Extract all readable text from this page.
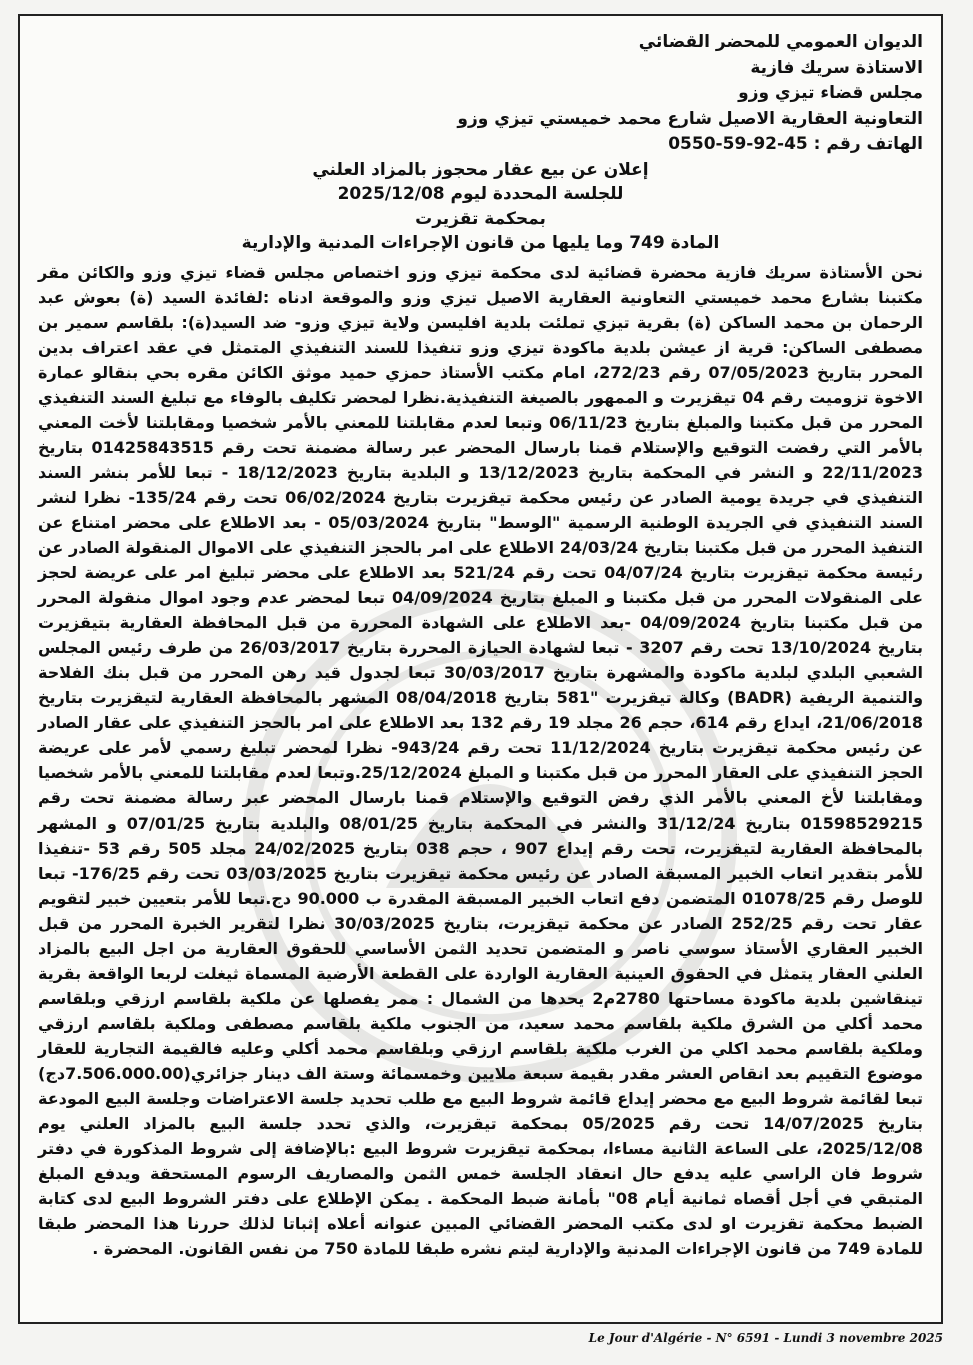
الديوان العمومي للمحضر القضائي

الاستاذة سريك فازية

مجلس قضاء تيزي وزو

التعاونية العقارية الاصيل شارع محمد خميستي تيزي وزو

الهاتف رقم : 45-92-59-0550

إعلان عن بيع عقار محجوز بالمزاد العلني

للجلسة المحددة ليوم 2025/12/08

بمحكمة تقزيرت

المادة 749 وما يليها من قانون الإجراءات المدنية والإدارية

نحن الأستاذة سريك فازية محضرة قضائية لدى محكمة تيزي وزو اختصاص مجلس قضاء تيزي وزو والكائن مقر مكتبنا بشارع محمد خميستي التعاونية العقارية الاصيل تيزي وزو والموقعة ادناه :لفائدة السيد (ة) بعوش عبد الرحمان بن محمد الساكن (ة) بقرية تيزي تملئت بلدية افليسن ولاية تيزي وزو- ضد السيد(ة): بلقاسم سمير بن مصطفى الساكن: قرية از عيشن بلدية ماكودة تيزي وزو تنفيذا للسند التنفيذي المتمثل في عقد اعتراف بدين المحرر بتاريخ 07/05/2023 رقم 272/23، امام مكتب الأستاذ حمزي حميد موثق الكائن مقره بحي بنقالو عمارة الاخوة تزوميت رقم 04 تيقزيرت و الممهور بالصيغة التنفيذية.نظرا لمحضر تكليف بالوفاء مع تبليغ السند التنفيذي المحرر من قبل مكتبنا والمبلغ بتاريخ 06/11/23 وتبعا لعدم مقابلتنا للمعني بالأمر شخصيا ومقابلتنا لأخت المعني بالأمر التي رفضت التوقيع والإستلام قمنا بارسال المحضر عبر رسالة مضمنة تحت رقم 01425843515 بتاريخ 22/11/2023 و النشر في المحكمة بتاريخ 13/12/2023 و البلدية بتاريخ 18/12/2023 - تبعا للأمر بنشر السند التنفيذي في جريدة يومية الصادر عن رئيس محكمة تيقزيرت بتاريخ 06/02/2024 تحت رقم 135/24- نظرا لنشر السند التنفيذي في الجريدة الوطنية الرسمية "الوسط" بتاريخ 05/03/2024 - بعد الاطلاع على محضر امتناع عن التنفيذ المحرر من قبل مكتبنا بتاريخ 24/03/24 الاطلاع على امر بالحجز التنفيذي على الاموال المنقولة الصادر عن رئيسة محكمة تيقزيرت بتاريخ 04/07/24 تحت رقم 521/24 بعد الاطلاع على محضر تبليغ امر على عريضة لحجز على المنقولات المحرر من قبل مكتبنا و المبلغ بتاريخ 04/09/2024 تبعا لمحضر عدم وجود اموال منقولة المحرر من قبل مكتبنا بتاريخ 04/09/2024 -بعد الاطلاع على الشهادة المحررة من قبل المحافظة العقارية بتيقزيرت بتاريخ 13/10/2024 تحت رقم 3207 - تبعا لشهادة الحيازة المحررة بتاريخ 26/03/2017 من طرف رئيس المجلس الشعبي البلدي لبلدية ماكودة والمشهرة بتاريخ 30/03/2017 تبعا لجدول قيد رهن المحرر من قبل بنك الفلاحة والتنمية الريفية (BADR) وكالة تيقزيرت "581 بتاريخ 08/04/2018 المشهر بالمحافظة العقارية لتيقزيرت بتاريخ 21/06/2018، ايداع رقم 614، حجم 26 مجلد 19 رقم 132 بعد الاطلاع على امر بالحجز التنفيذي على عقار الصادر عن رئيس محكمة تيقزيرت بتاريخ 11/12/2024 تحت رقم 943/24- نظرا لمحضر تبليغ رسمي لأمر على عريضة الحجز التنفيذي على العقار المحرر من قبل مكتبنا و المبلغ 25/12/2024.وتبعا لعدم مقابلتنا للمعني بالأمر شخصيا ومقابلتنا لأخ المعني بالأمر الذي رفض التوقيع والإستلام قمنا بارسال المحضر عبر رسالة مضمنة تحت رقم 01598529215 بتاريخ 31/12/24 والنشر في المحكمة بتاريخ 08/01/25 والبلدية بتاريخ 07/01/25 و المشهر بالمحافظة العقارية لتيقزيرت، تحت رقم إيداع 907 ، حجم 038 بتاريخ 24/02/2025 مجلد 505 رقم 53 -تنفيذا للأمر بتقدير اتعاب الخبير المسبقة الصادر عن رئيس محكمة تيقزيرت بتاريخ 03/03/2025 تحت رقم 176/25- تبعا للوصل رقم 01078/25 المتضمن دفع اتعاب الخبير المسبقة المقدرة ب 90.000 دج.تبعا للأمر بتعيين خبير لتقويم عقار تحت رقم 252/25 الصادر عن محكمة تيقزيرت، بتاريخ 30/03/2025 نظرا لتقرير الخبرة المحرر من قبل الخبير العقاري الأستاذ سوسي ناصر و المتضمن تحديد الثمن الأساسي للحقوق العقارية من اجل البيع بالمزاد العلني العقار يتمثل في الحقوق العينية العقارية الواردة على القطعة الأرضية المسماة ثيغلت لربعا الواقعة بقرية تينقاشين بلدية ماكودة مساحتها 2780م2 يحدها من الشمال : ممر يفصلها عن ملكية بلقاسم ارزقي وبلقاسم محمد أكلي من الشرق ملكية بلقاسم محمد سعيد، من الجنوب ملكية بلقاسم مصطفى وملكية بلقاسم ارزقي وملكية بلقاسم محمد اكلي من الغرب ملكية بلقاسم ارزقي وبلقاسم محمد أكلي وعليه فالقيمة التجارية للعقار موضوع التقييم بعد انقاص العشر مقدر بقيمة سبعة ملايين وخمسمائة وستة الف دينار جزائري(7.506.000.00دج) تبعا لقائمة شروط البيع مع محضر إيداع قائمة شروط البيع مع طلب تحديد جلسة الاعتراضات وجلسة البيع المودعة بتاريخ 14/07/2025 تحت رقم 05/2025 بمحكمة تيقزيرت، والذي تحدد جلسة البيع بالمزاد العلني يوم 2025/12/08، على الساعة الثانية مساءا، بمحكمة تيقزيرت شروط البيع :بالإضافة إلى شروط المذكورة في دفتر شروط فان الراسي عليه يدفع حال انعقاد الجلسة خمس الثمن والمصاريف الرسوم المستحقة ويدفع المبلغ المتبقي في أجل أقصاه ثمانية أيام 08" بأمانة ضبط المحكمة . يمكن الإطلاع على دفتر الشروط البيع لدى كتابة الضبط محكمة تقزيرت او لدى مكتب المحضر القضائي المبين عنوانه أعلاه إثباتا لذلك حررنا هذا المحضر طبقا للمادة 749 من قانون الإجراءات المدنية والإدارية ليتم نشره طبقا للمادة 750 من نفس القانون. المحضرة .
Le Jour d'Algérie - N° 6591 - Lundi 3 novembre 2025
